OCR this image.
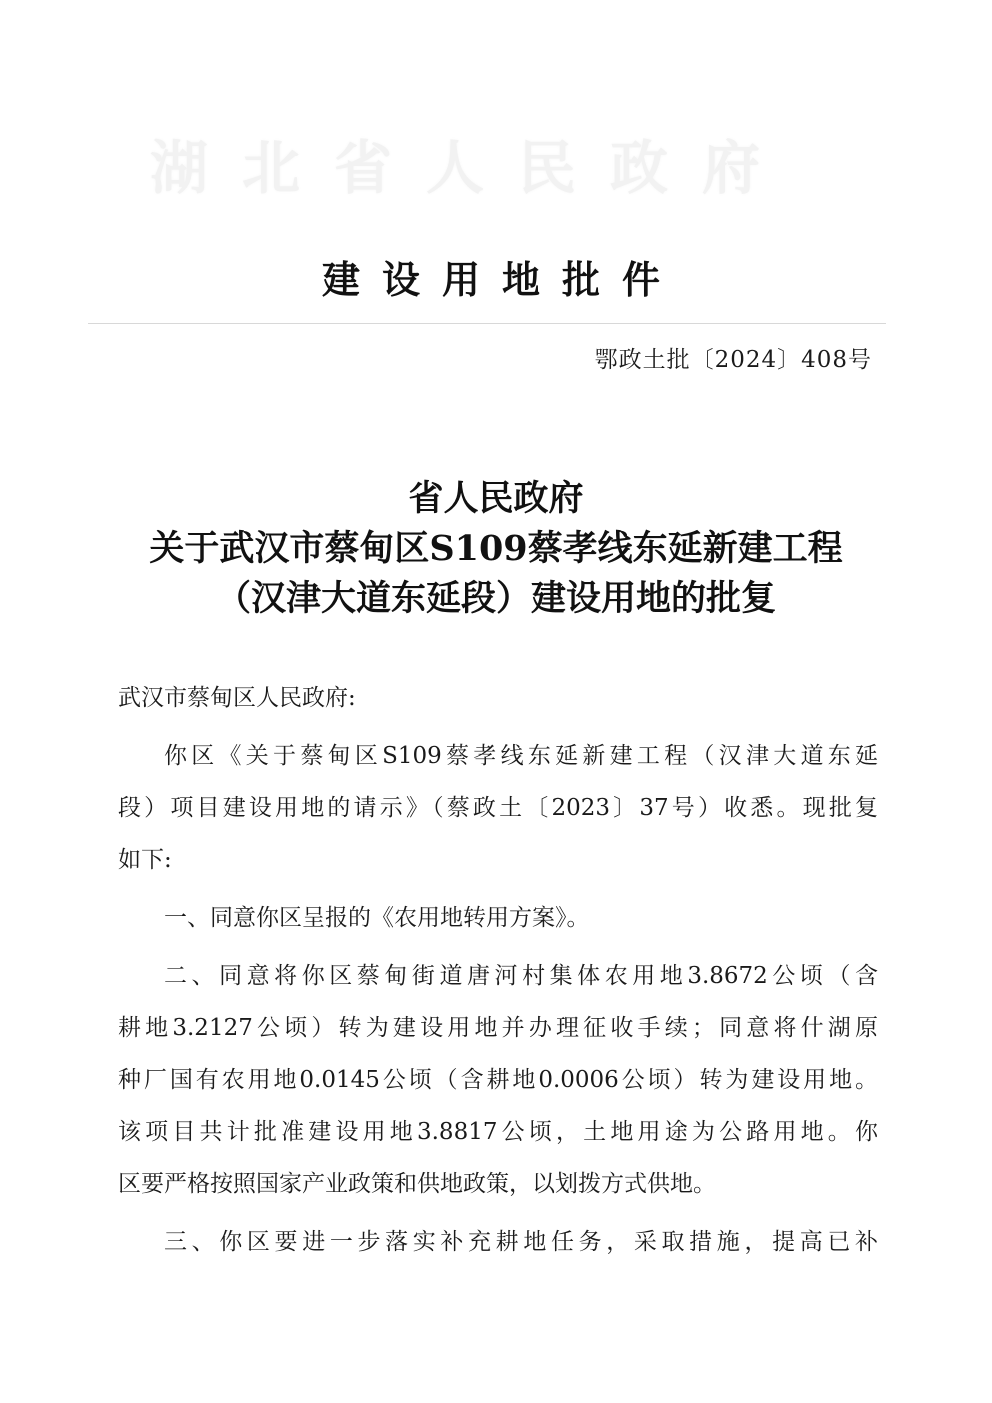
湖北省人民政府
建设用地批件
鄂政土批〔2024〕408号
省人民政府
关于武汉市蔡甸区S109蔡孝线东延新建工程
（汉津大道东延段）建设用地的批复
武汉市蔡甸区人民政府:
你区《关于蔡甸区S109蔡孝线东延新建工程（汉津大道东延
段）项目建设用地的请示》（蔡政土〔2023〕37号）收悉。现批复
如下:
一、同意你区呈报的《农用地转用方案》。
二、同意将你区蔡甸街道唐河村集体农用地3.8672公顷（含
耕地3.2127公顷）转为建设用地并办理征收手续；同意将什湖原
种厂国有农用地0.0145公顷（含耕地0.0006公顷）转为建设用地。
该项目共计批准建设用地3.8817公顷，土地用途为公路用地。你
区要严格按照国家产业政策和供地政策，以划拨方式供地。
三、你区要进一步落实补充耕地任务，采取措施，提高已补
